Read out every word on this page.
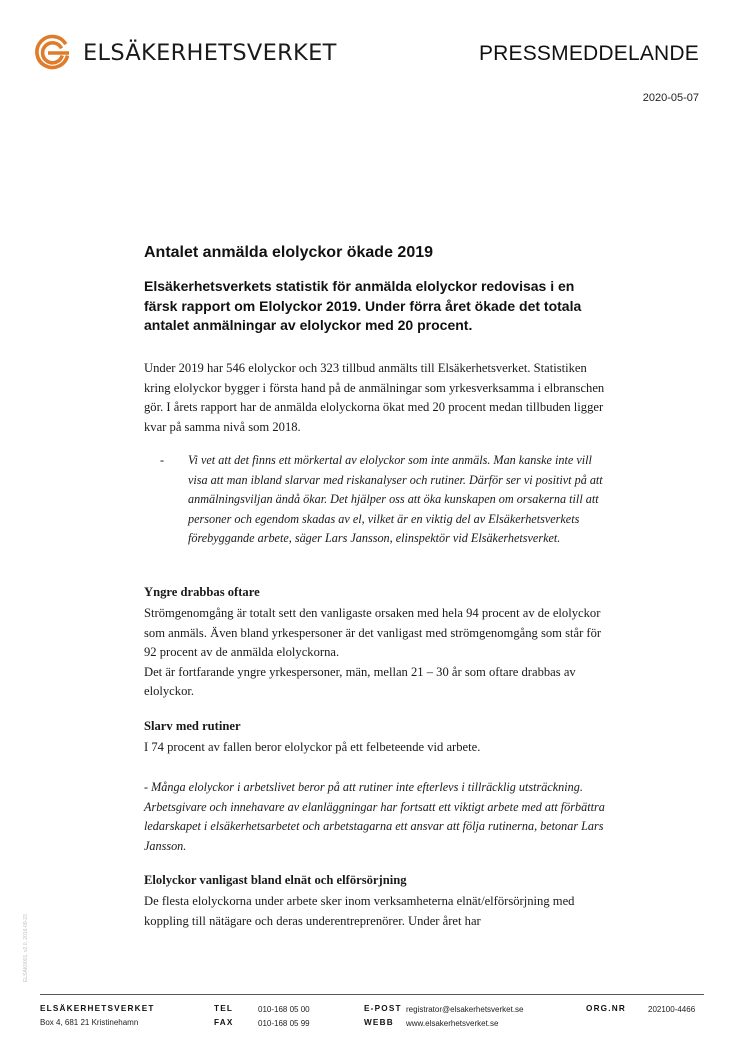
ELSÄKERHETSVERKET	PRESSMEDDELANDE
2020-05-07
Antalet anmälda elolyckor ökade 2019
Elsäkerhetsverkets statistik för anmälda elolyckor redovisas i en färsk rapport om Elolyckor 2019. Under förra året ökade det totala antalet anmälningar av elolyckor med 20 procent.
Under 2019 har 546 elolyckor och 323 tillbud anmälts till Elsäkerhetsverket. Statistiken kring elolyckor bygger i första hand på de anmälningar som yrkesverksamma i elbranschen gör. I årets rapport har de anmälda elolyckorna ökat med 20 procent medan tillbuden ligger kvar på samma nivå som 2018.
-	Vi vet att det finns ett mörkertal av elolyckor som inte anmäls. Man kanske inte vill visa att man ibland slarvar med riskanalyser och rutiner. Därför ser vi positivt på att anmälningsviljan ändå ökar. Det hjälper oss att öka kunskapen om orsakerna till att personer och egendom skadas av el, vilket är en viktig del av Elsäkerhetsverkets förebyggande arbete, säger Lars Jansson, elinspektör vid Elsäkerhetsverket.
Yngre drabbas oftare
Strömgenomgång är totalt sett den vanligaste orsaken med hela 94 procent av de elolyckor som anmäls. Även bland yrkespersoner är det vanligast med strömgenomgång som står för 92 procent av de anmälda elolyckorna.
Det är fortfarande yngre yrkespersoner, män, mellan 21 – 30 år som oftare drabbas av elolyckor.
Slarv med rutiner
I 74 procent av fallen beror elolyckor på ett felbeteende vid arbete.
- Många elolyckor i arbetslivet beror på att rutiner inte efterlevs i tillräcklig utsträckning. Arbetsgivare och innehavare av elanläggningar har fortsatt ett viktigt arbete med att förbättra ledarskapet i elsäkerhetsarbetet och arbetstagarna ett ansvar att följa rutinerna, betonar Lars Jansson.
Elolyckor vanligast bland elnät och elförsörjning
De flesta elolyckorna under arbete sker inom verksamheterna elnät/elförsörjning med koppling till nätägare och deras underentreprenörer. Under året har
ELSÄK0001, v2.0, 2016-09-23
ELSÄKERHETSVERKET
Box 4, 681 21 Kristinehamn
TEL	010-168 05 00
FAX	010-168 05 99
E-POST registrator@elsakerhetsverket.se
WEBB www.elsakerhetsverket.se
ORG.NR	202100-4466
